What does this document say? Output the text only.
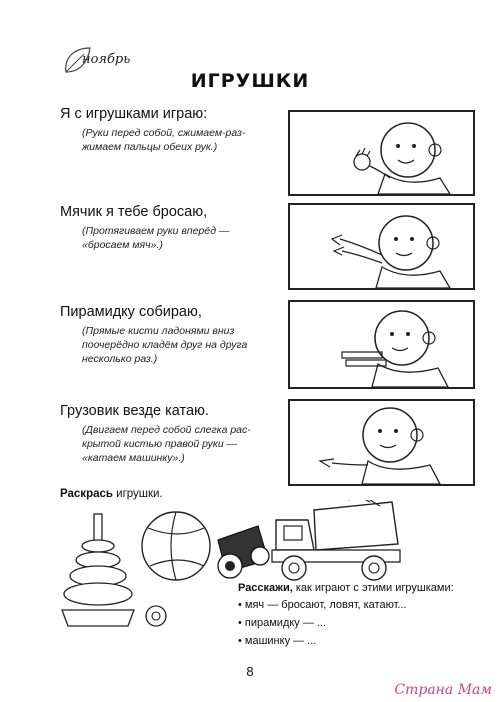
ноябрь
ИГРУШКИ
Я с игрушками играю:
(Руки перед собой, сжимаем-раз-жимаем пальцы обеих рук.)
Мячик я тебе бросаю,
(Протягиваем руки вперёд — «бросаем мяч».)
Пирамидку собираю,
(Прямые кисти ладонями вниз поочерёдно кладём друг на друга несколько раз.)
Грузовик везде катаю.
(Двигаем перед собой слегка рас-крытой кистью правой руки — «катаем машинку».)
Раскрась игрушки.
Расскажи, как играют с этими игрушками:
• мяч — бросают, ловят, катают...
• пирамидку — ...
• машинку — ...
8
Страна Мам
